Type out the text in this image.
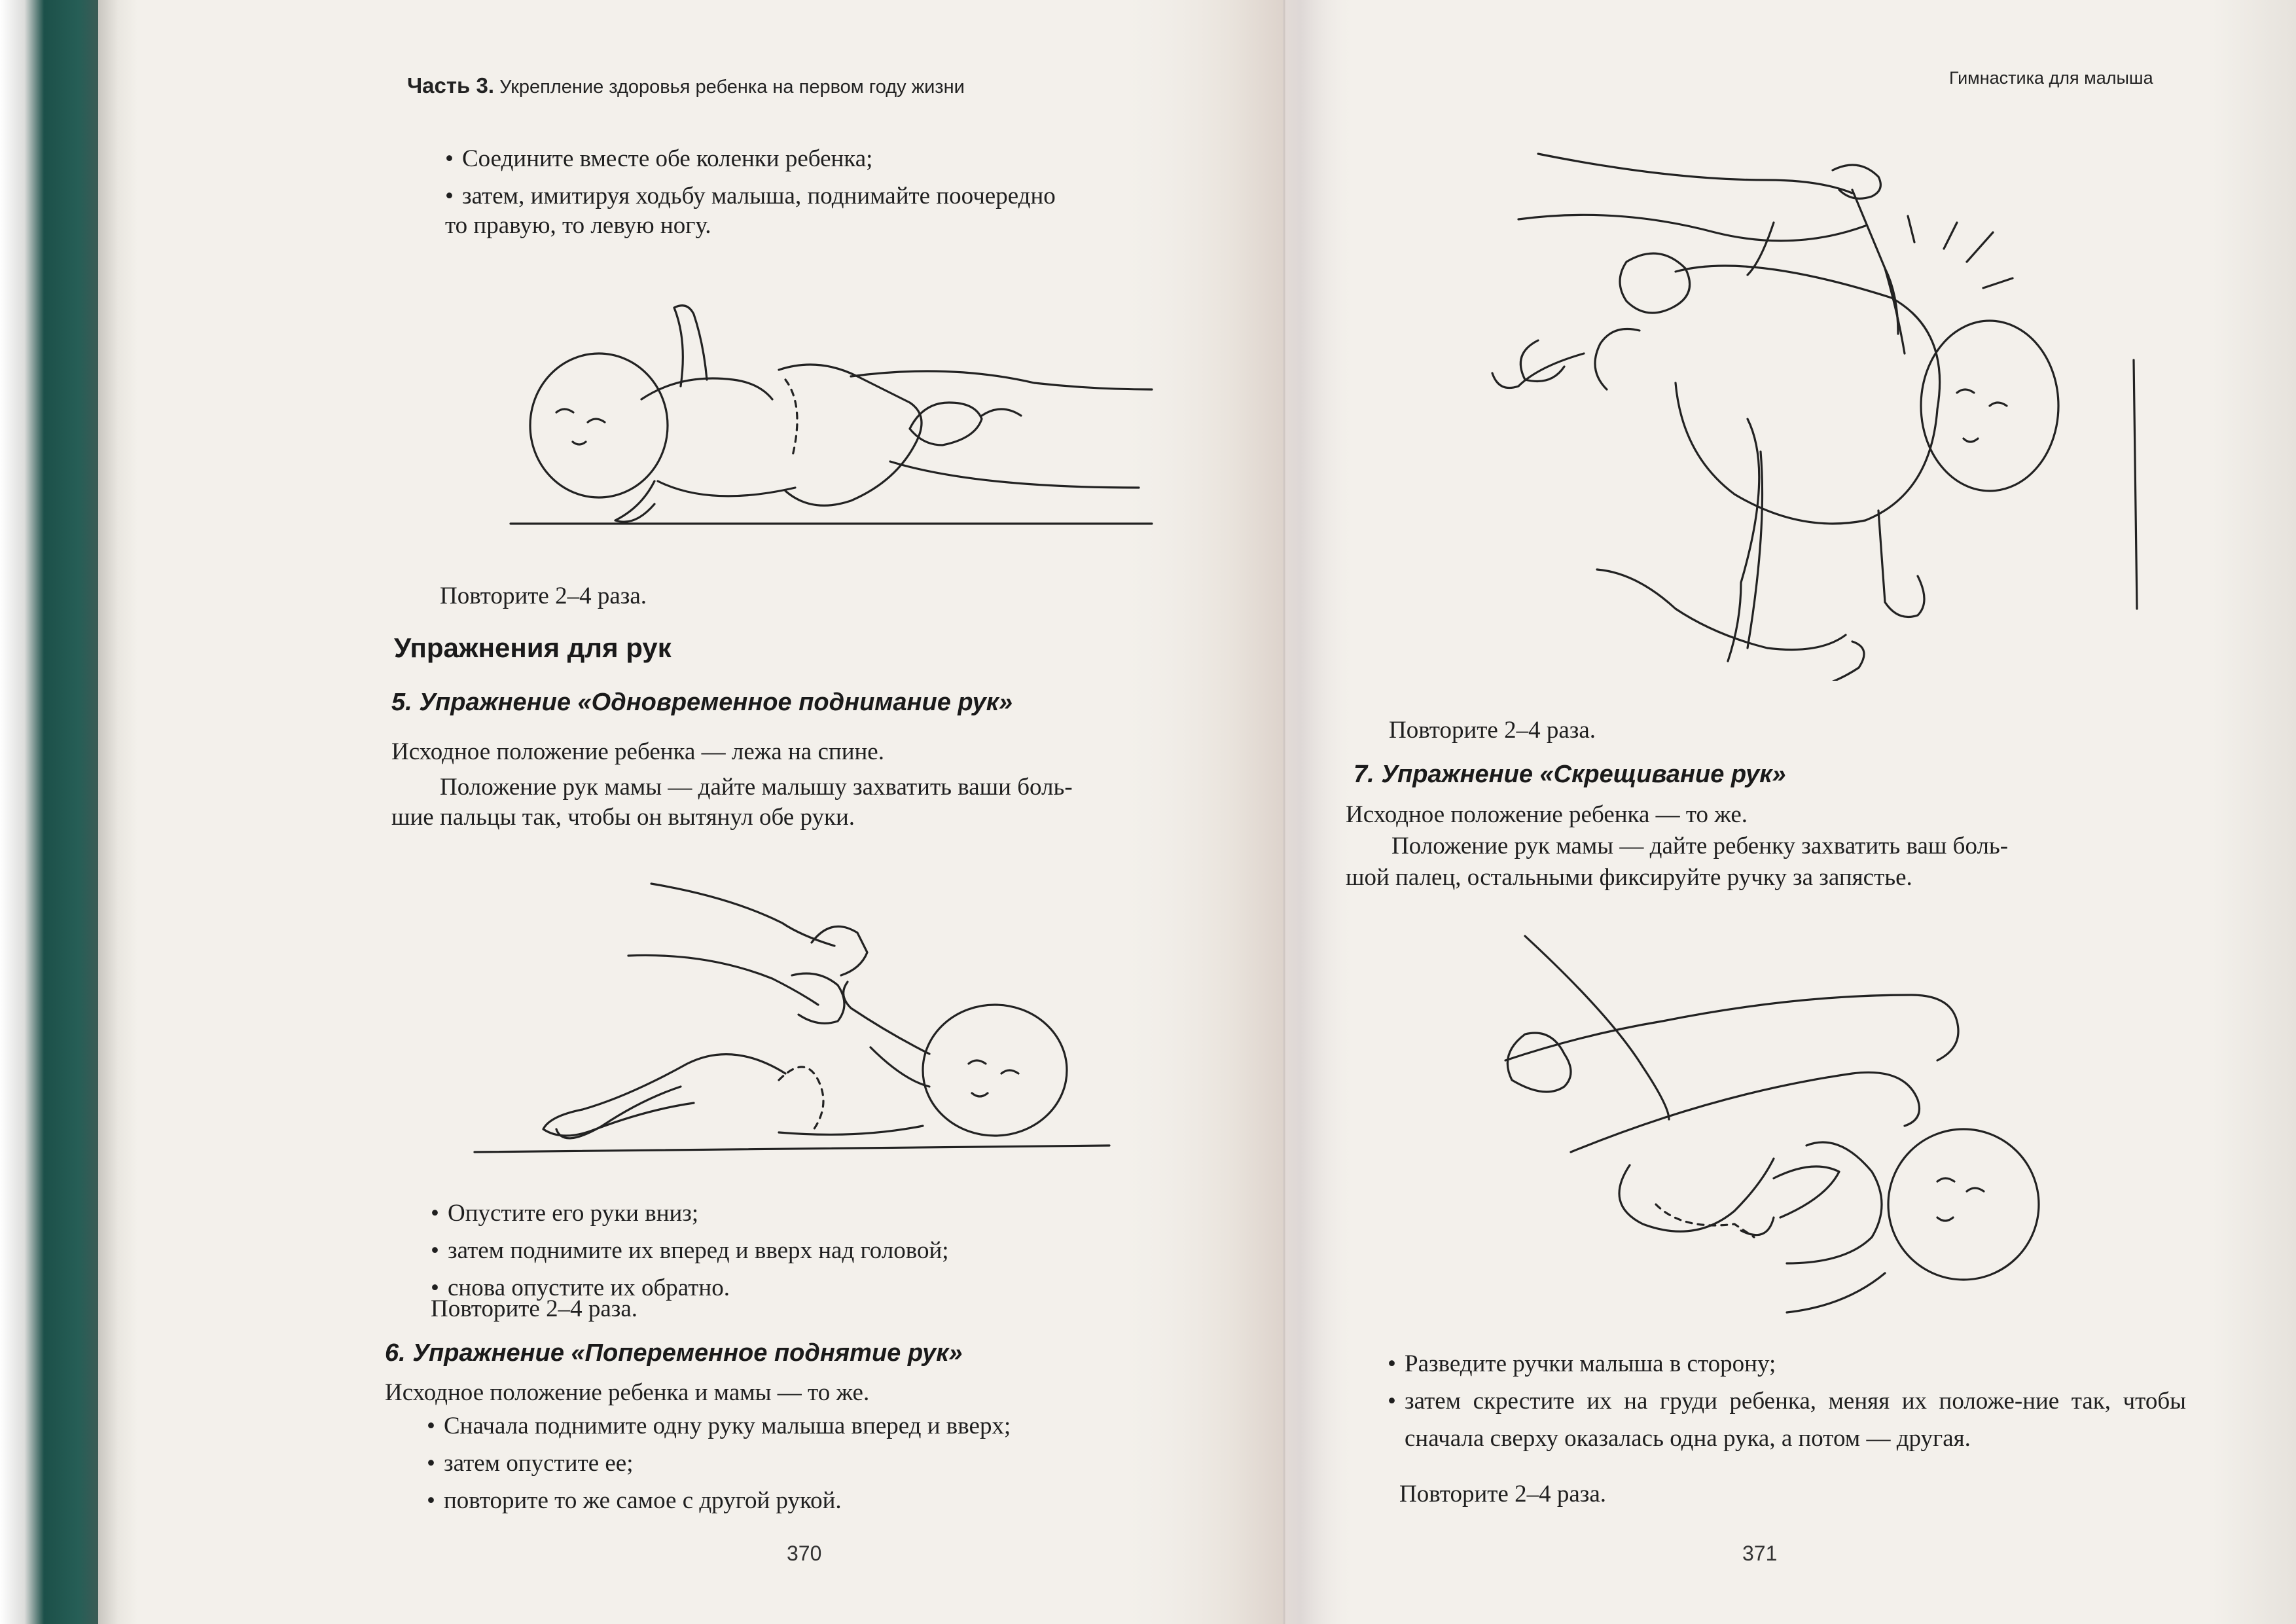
Часть 3. Укрепление здоровья ребенка на первом году жизни
• Соедините вместе обе коленки ребенка;
• затем, имитируя ходьбу малыша, поднимайте поочередно

то правую, то левую ногу.

Повторите 2–4 раза.

Упражнения для рук
5. Упражнение «Одновременное поднимание рук»

Исходное положение ребенка — лежа на спине.

Положение рук мамы — дайте малышу захватить ваши боль-

шие пальцы так, чтобы он вытянул обе руки.

• Опустите его руки вниз;
• затем поднимите их вперед и вверх над головой;
• снова опустите их обратно.

Повторите 2–4 раза.

6. Упражнение «Попеременное поднятие рук»

Исходное положение ребенка и мамы — то же.

• Сначала поднимите одну руку малыша вперед и вверх;
• затем опустите ее;
• повторите то же самое с другой рукой.
370
Гимнастика для малыша

Повторите 2–4 раза.

7. Упражнение «Скрещивание рук»

Исходное положение ребенка — то же.

Положение рук мамы — дайте ребенку захватить ваш боль-

шой палец, остальными фиксируйте ручку за запястье.

• Разведите ручки малыша в сторону;
• затем скрестите их на груди ребенка, меняя их положе-ние так, чтобы сначала сверху оказалась одна рука, а потом — другая.

Повторите 2–4 раза.

371
